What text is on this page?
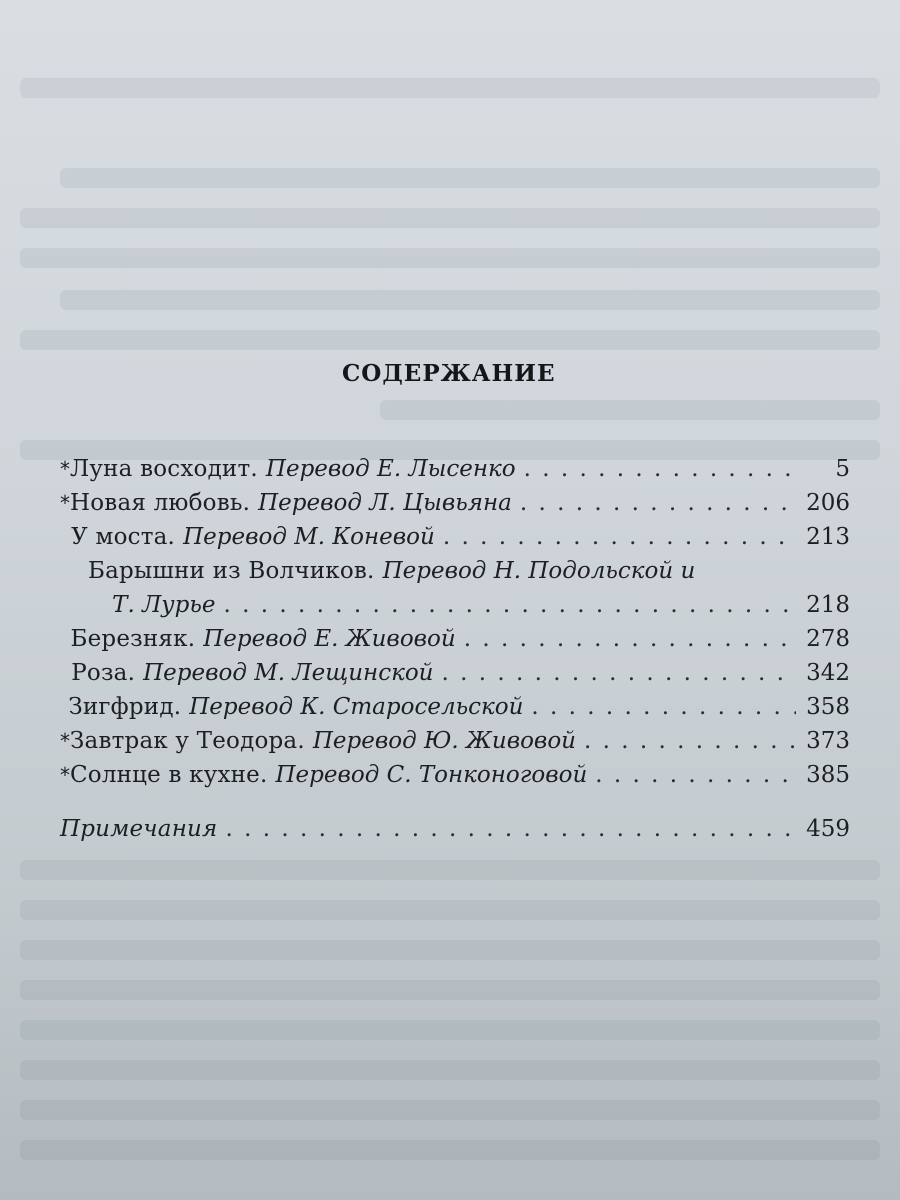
СОДЕРЖАНИЕ
* Луна восходит. Перевод Е. Лысенко . . .	5
* Новая любовь. Перевод Л. Цывьяна . . .	206
У моста. Перевод М. Коневой . . .	213
Барышни из Волчиков. Перевод Н. Подольской и
Т. Лурье . . .	218
Березняк. Перевод Е. Живовой . . .	278
Роза. Перевод М. Лещинской . . .	342
Зигфрид. Перевод К. Старосельской . . .	358
* Завтрак у Теодора. Перевод Ю. Живовой . . .	373
* Солнце в кухне. Перевод С. Тонконоговой . . .	385
Примечания . . .	459
